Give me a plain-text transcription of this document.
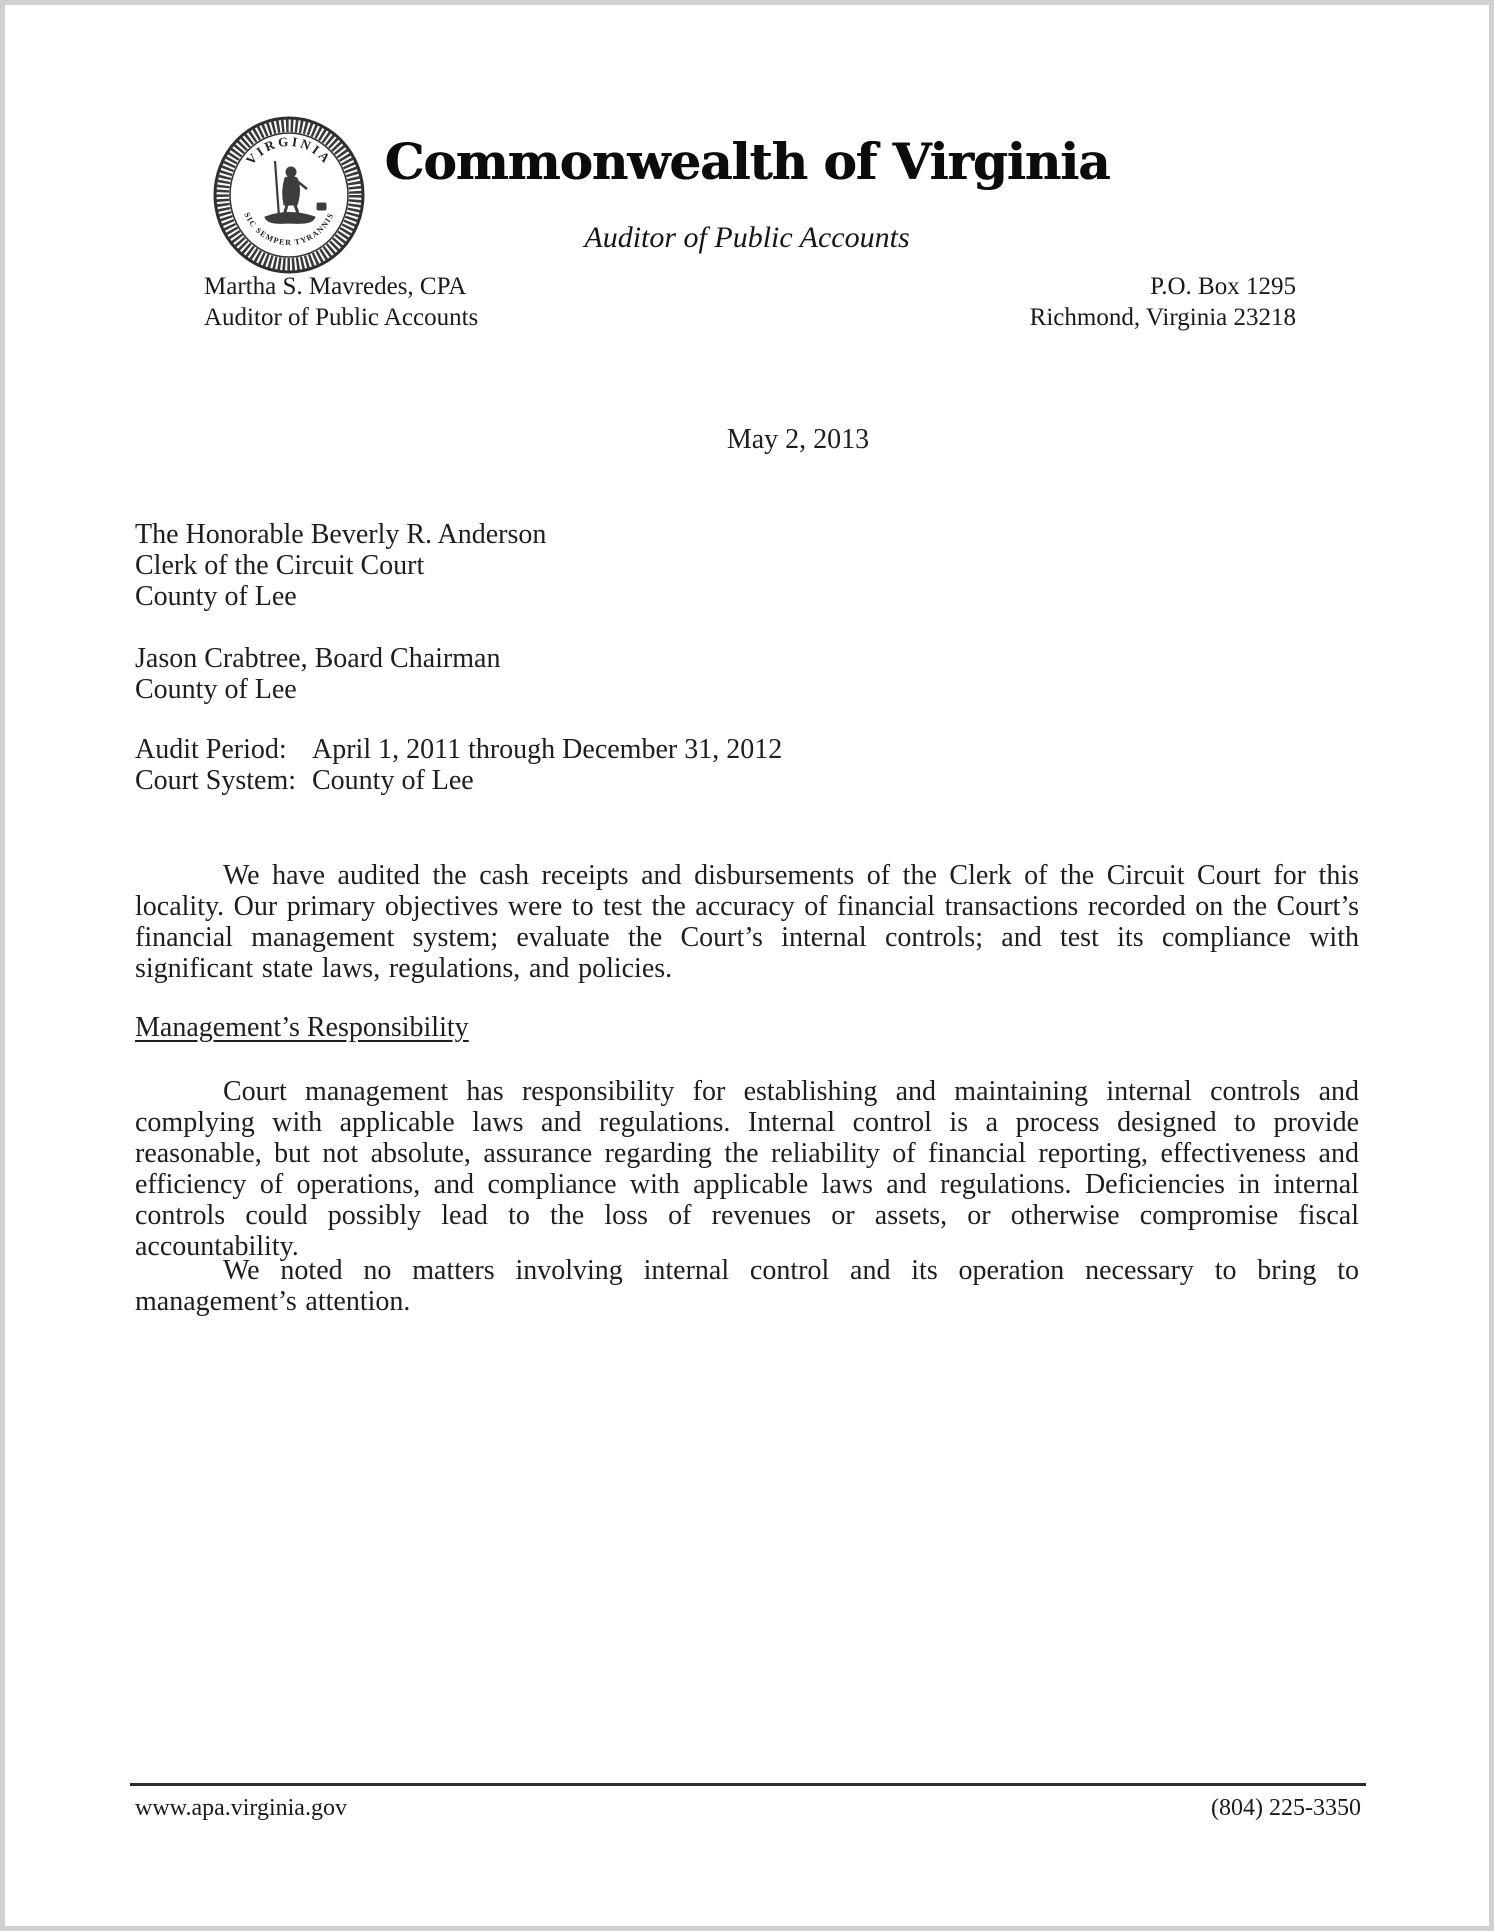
VIRGINIA
SIC SEMPER TYRANNIS
Commonwealth of Virginia
Auditor of Public Accounts
Martha S. Mavredes, CPA
Auditor of Public Accounts
P.O. Box 1295
Richmond, Virginia 23218
May 2, 2013
The Honorable Beverly R. Anderson
Clerk of the Circuit Court
County of Lee
Jason Crabtree, Board Chairman
County of Lee
Audit Period: April 1, 2011 through December 31, 2012
Court System: County of Lee
We have audited the cash receipts and disbursements of the Clerk of the Circuit Court for this locality. Our primary objectives were to test the accuracy of financial transactions recorded on the Court’s financial management system; evaluate the Court’s internal controls; and test its compliance with significant state laws, regulations, and policies.
Management’s Responsibility
Court management has responsibility for establishing and maintaining internal controls and complying with applicable laws and regulations. Internal control is a process designed to provide reasonable, but not absolute, assurance regarding the reliability of financial reporting, effectiveness and efficiency of operations, and compliance with applicable laws and regulations. Deficiencies in internal controls could possibly lead to the loss of revenues or assets, or otherwise compromise fiscal accountability.
We noted no matters involving internal control and its operation necessary to bring to management’s attention.
www.apa.virginia.gov	(804) 225-3350
